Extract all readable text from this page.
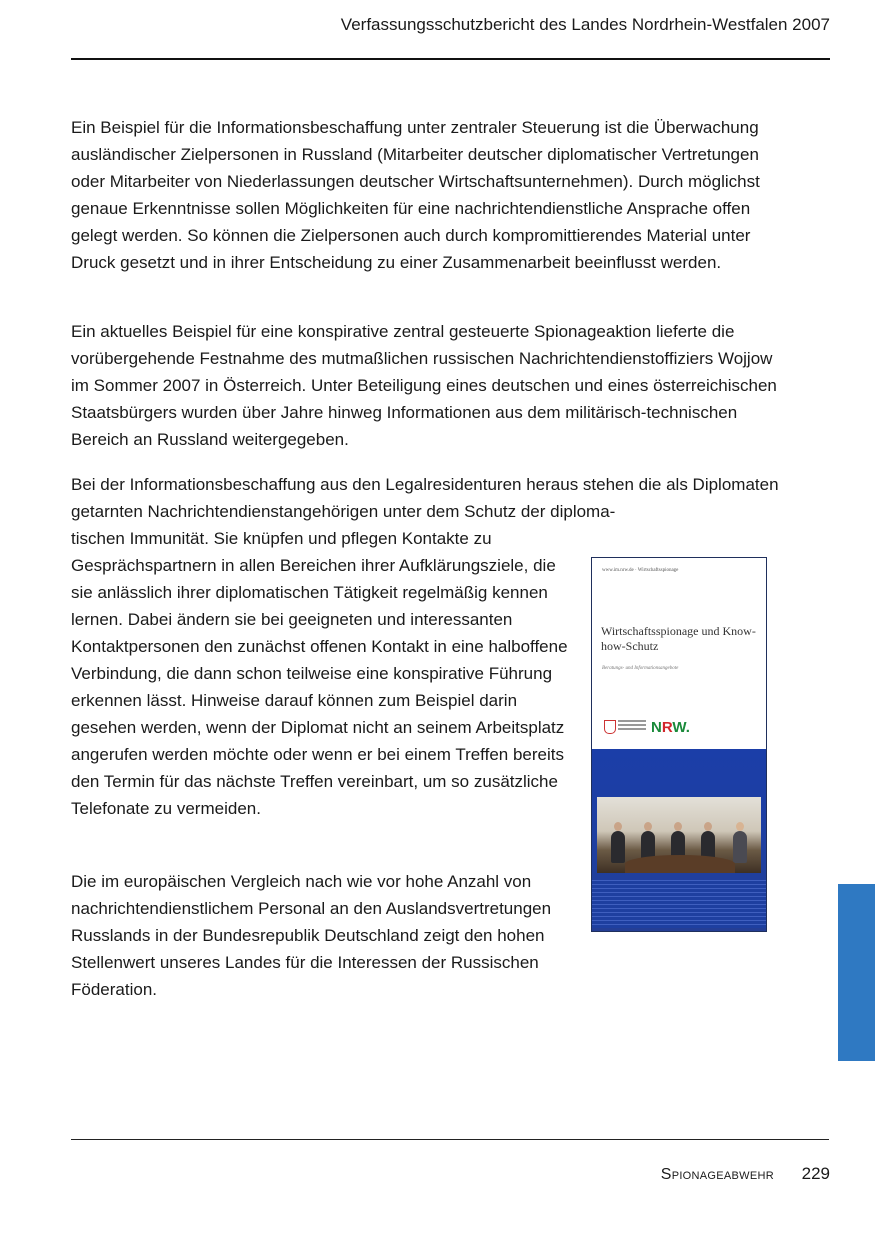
Verfassungsschutzbericht des Landes Nordrhein-Westfalen 2007

Ein Beispiel für die Informationsbeschaffung unter zentraler Steuerung ist die Überwachung ausländischer Zielpersonen in Russland (Mitarbeiter deutscher diplomatischer Vertretungen oder Mitarbeiter von Niederlassungen deutscher Wirtschaftsunternehmen). Durch möglichst genaue Erkenntnisse sollen Möglichkeiten für eine nachrichtendienstliche Ansprache offen gelegt werden. So können die Zielpersonen auch durch kompromittierendes Material unter Druck gesetzt und in ihrer Entscheidung zu einer Zusammenarbeit beeinflusst werden.

Ein aktuelles Beispiel für eine konspirative zentral gesteuerte Spionageaktion lieferte die vorübergehende Festnahme des mutmaßlichen russischen Nachrichtendienstoffiziers Wojjow im Sommer 2007 in Österreich. Unter Beteiligung eines deutschen und eines österreichischen Staatsbürgers wurden über Jahre hinweg Informationen aus dem militärisch-technischen Bereich an Russland weitergegeben.

Bei der Informationsbeschaffung aus den Legalresidenturen heraus stehen die als Diplomaten getarnten Nachrichtendienstangehörigen unter dem Schutz der diploma-

tischen Immunität. Sie knüpfen und pflegen Kontakte zu Gesprächspartnern in allen Bereichen ihrer Aufklärungsziele, die sie anlässlich ihrer diplomatischen Tätigkeit regelmäßig kennen lernen. Dabei ändern sie bei geeigneten und interessanten Kontaktpersonen den zunächst offenen Kontakt in eine halboffene Verbindung, die dann schon teilweise eine konspirative Führung erkennen lässt. Hinweise darauf können zum Beispiel darin gesehen werden, wenn der Diplomat nicht an seinem Arbeitsplatz angerufen werden möchte oder wenn er bei einem Treffen bereits den Termin für das nächste Treffen vereinbart, um so zusätzliche Telefonate zu vermeiden.

Die im europäischen Vergleich nach wie vor hohe Anzahl von nachrichtendienstlichem Personal an den Auslandsvertretungen Russlands in der Bundesrepublik Deutschland zeigt den hohen Stellenwert unseres Landes für die Interessen der Russischen Föderation.

www.im.nrw.de · Wirtschaftsspionage
Wirtschaftsspionage und Know-how-Schutz
Beratungs- und Informationsangebote
NRW.
Spionageabwehr 229
